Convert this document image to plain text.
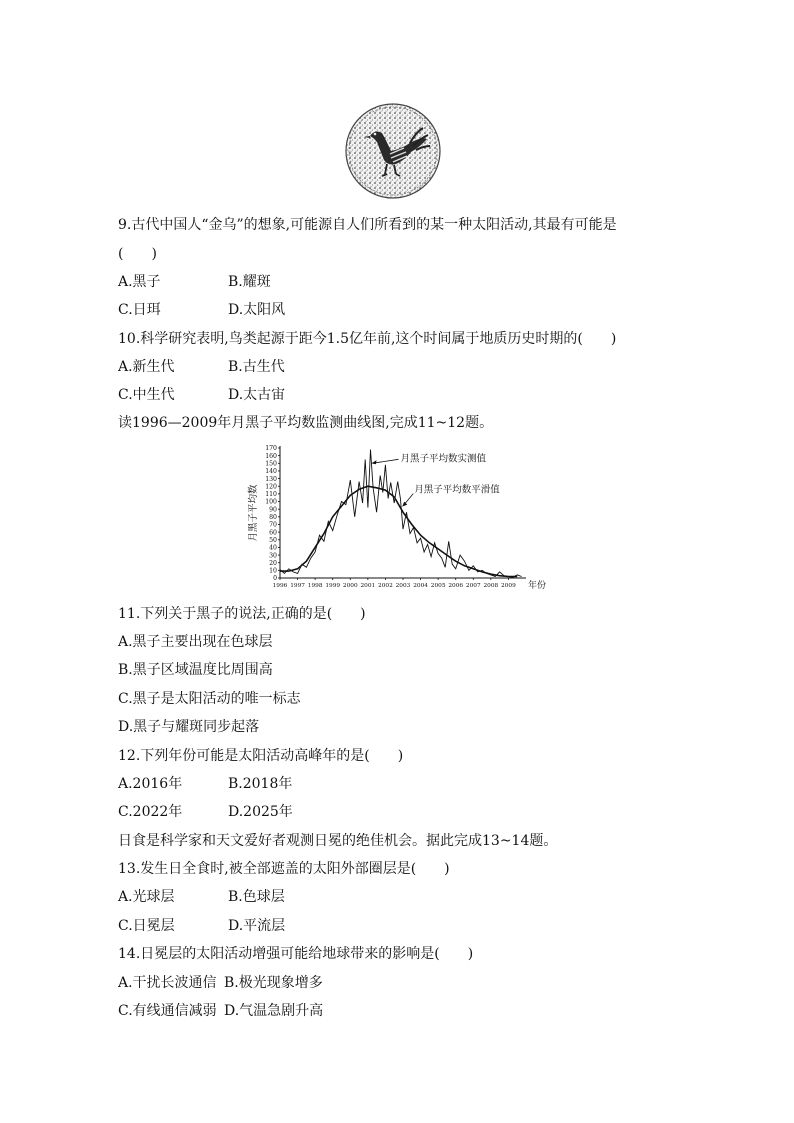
9.古代中国人“金乌”的想象,可能源自人们所看到的某一种太阳活动,其最有可能是
(　　)
A.黑子	B.耀斑
C.日珥	D.太阳风
10.科学研究表明,鸟类起源于距今1.5亿年前,这个时间属于地质历史时期的(　　)
A.新生代	B.古生代
C.中生代	D.太古宙
读1996—2009年月黑子平均数监测曲线图,完成11~12题。
0
10
20
30
40
50
60
70
80
90
100
110
120
130
140
150
160
170
1996 1997 1998 1999 2000 2001 2002 2003 2004 2005 2006 2007 2008 2009 年份
月黑子平均数
月黑子平均数实测值
月黑子平均数平滑值
11.下列关于黑子的说法,正确的是(　　)
A.黑子主要出现在色球层
B.黑子区域温度比周围高
C.黑子是太阳活动的唯一标志
D.黑子与耀斑同步起落
12.下列年份可能是太阳活动高峰年的是(　　)
A.2016年	B.2018年
C.2022年	D.2025年
日食是科学家和天文爱好者观测日冕的绝佳机会。据此完成13~14题。
13.发生日全食时,被全部遮盖的太阳外部圈层是(　　)
A.光球层	B.色球层
C.日冕层	D.平流层
14.日冕层的太阳活动增强可能给地球带来的影响是(　　)
A.干扰长波通信 B.极光现象增多
C.有线通信减弱 D.气温急剧升高
